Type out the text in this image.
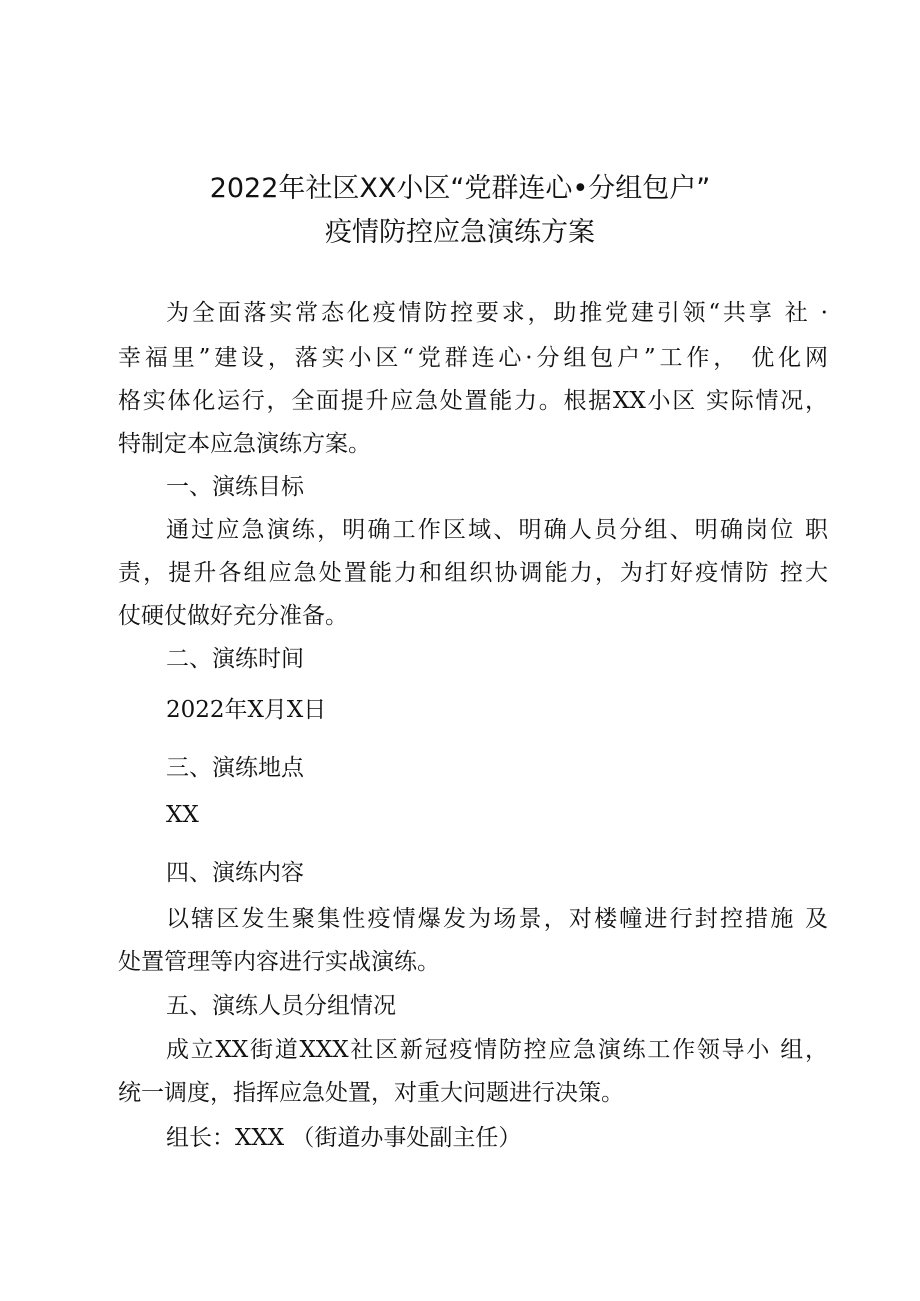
2022年社区XX小区“党群连心•分组包户”
疫情防控应急演练方案
为全面落实常态化疫情防控要求，助推党建引领“共享 社 ·
幸福里”建设，落实小区“党群连心·分组包户”工作， 优化网
格实体化运行，全面提升应急处置能力。根据XX小区 实际情况，
特制定本应急演练方案。
一、演练目标
通过应急演练，明确工作区域、明确人员分组、明确岗位 职
责，提升各组应急处置能力和组织协调能力，为打好疫情防 控大
仗硬仗做好充分准备。
二、演练时间
2022年X月X日
三、演练地点
XX
四、演练内容
以辖区发生聚集性疫情爆发为场景，对楼幢进行封控措施 及
处置管理等内容进行实战演练。
五、演练人员分组情况
成立XX街道XXX社区新冠疫情防控应急演练工作领导小 组，
统一调度，指挥应急处置，对重大问题进行决策。
组长：XXX （街道办事处副主任）
